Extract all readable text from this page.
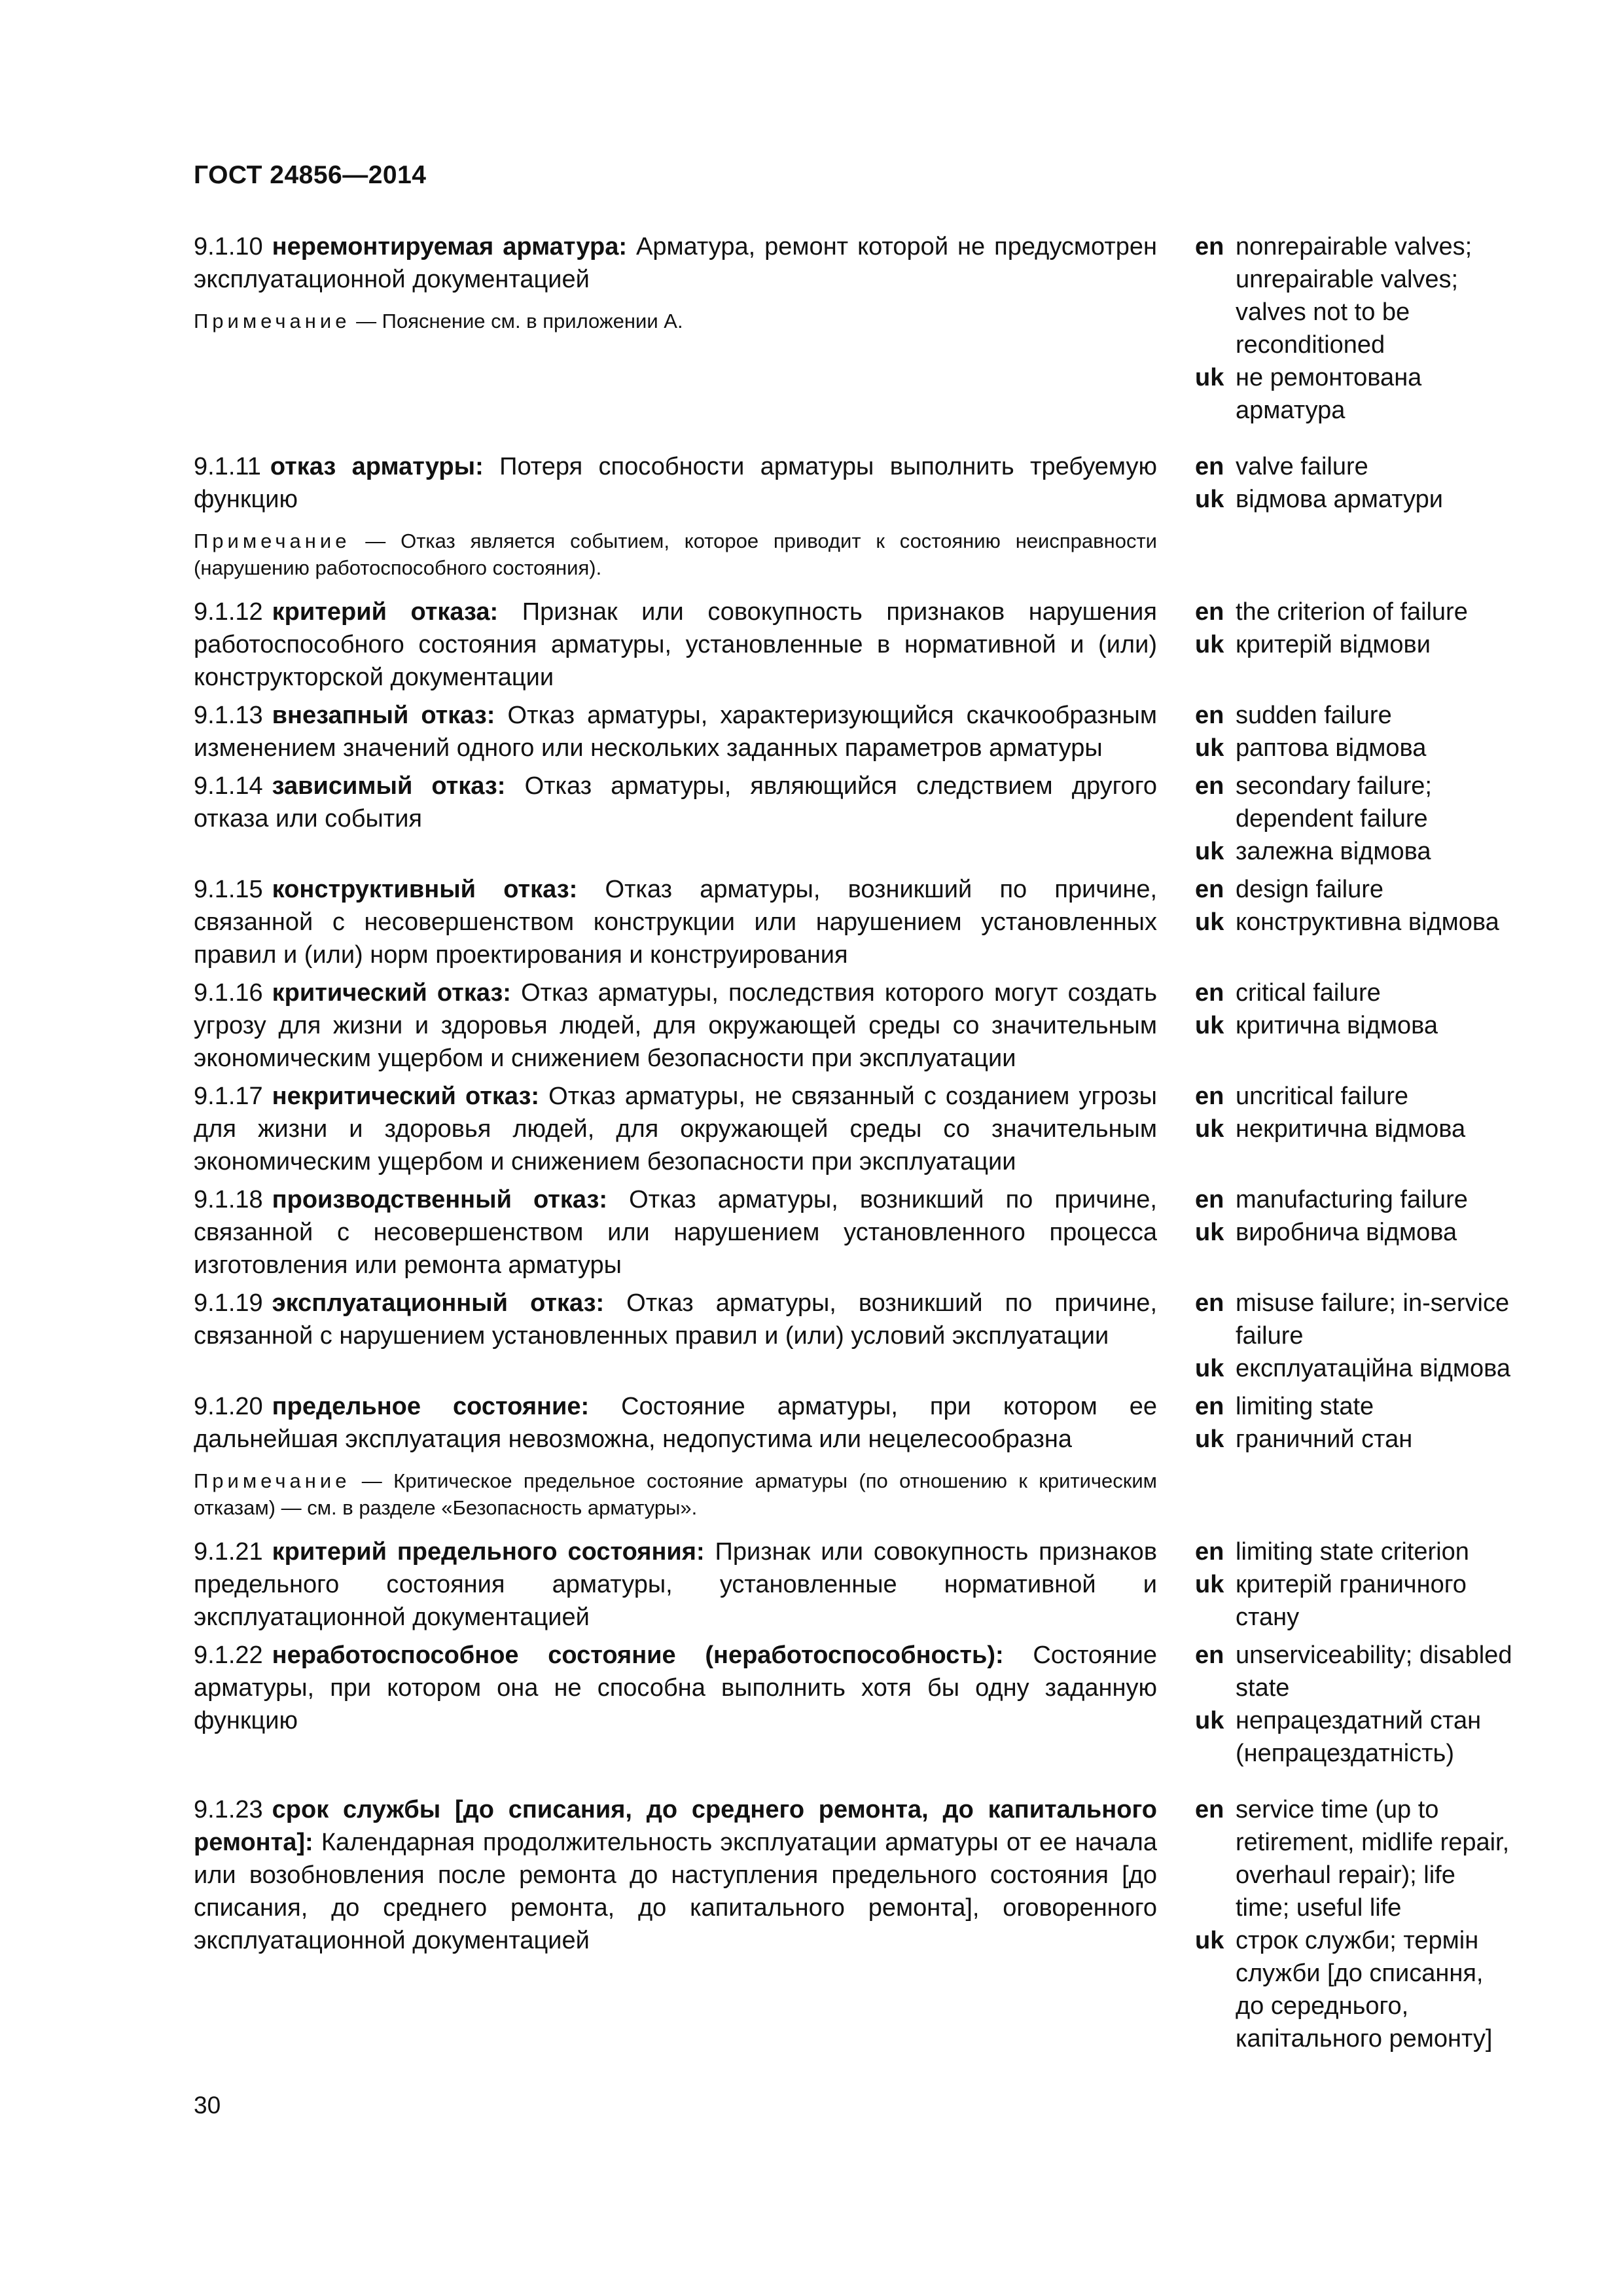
ГОСТ 24856—2014

9.1.10 неремонтируемая арматура: Арматура, ремонт которой не предусмотрен эксплуатационной документацией

Примечание — Пояснение см. в приложении А.

en nonrepairable valves; unrepairable valves; valves not to be reconditioned
uk не ремонтована арматура

9.1.11 отказ арматуры: Потеря способности арматуры выполнить требуемую функцию

Примечание — Отказ является событием, которое приводит к состоянию неисправности (нарушению работоспособного состояния).

en valve failure
uk відмова арматури

9.1.12 критерий отказа: Признак или совокупность признаков нарушения работоспособного состояния арматуры, установленные в нормативной и (или) конструкторской документации

en the criterion of failure
uk критерій відмови

9.1.13 внезапный отказ: Отказ арматуры, характеризующийся скачкообразным изменением значений одного или нескольких заданных параметров арматуры

en sudden failure
uk раптова відмова

9.1.14 зависимый отказ: Отказ арматуры, являющийся следствием другого отказа или события

en secondary failure; dependent failure
uk залежна відмова

9.1.15 конструктивный отказ: Отказ арматуры, возникший по причине, связанной с несовершенством конструкции или нарушением установленных правил и (или) норм проектирования и конструирования

en design failure
uk конструктивна відмова

9.1.16 критический отказ: Отказ арматуры, последствия которого могут создать угрозу для жизни и здоровья людей, для окружающей среды со значительным экономическим ущербом и снижением безопасности при эксплуатации

en critical failure
uk критична відмова

9.1.17 некритический отказ: Отказ арматуры, не связанный с созданием угрозы для жизни и здоровья людей, для окружающей среды со значительным экономическим ущербом и снижением безопасности при эксплуатации

en uncritical failure
uk некритична відмова

9.1.18 производственный отказ: Отказ арматуры, возникший по причине, связанной с несовершенством или нарушением установленного процесса изготовления или ремонта арматуры

en manufacturing failure
uk виробнича відмова

9.1.19 эксплуатационный отказ: Отказ арматуры, возникший по причине, связанной с нарушением установленных правил и (или) условий эксплуатации

en misuse failure; in-service failure
uk експлуатаційна відмова

9.1.20 предельное состояние: Состояние арматуры, при котором ее дальнейшая эксплуатация невозможна, недопустима или нецелесообразна

Примечание — Критическое предельное состояние арматуры (по отношению к критическим отказам) — см. в разделе «Безопасность арматуры».

en limiting state
uk граничний стан

9.1.21 критерий предельного состояния: Признак или совокупность признаков предельного состояния арматуры, установленные нормативной и эксплуатационной документацией

en limiting state criterion
uk критерій граничного стану

9.1.22 неработоспособное состояние (неработоспособность): Состояние арматуры, при котором она не способна выполнить хотя бы одну заданную функцию

en unserviceability; disabled state
uk непрацездатний стан (непрацездатність)

9.1.23 срок службы [до списания, до среднего ремонта, до капитального ремонта]: Календарная продолжительность эксплуатации арматуры от ее начала или возобновления после ремонта до наступления предельного состояния [до списания, до среднего ремонта, до капитального ремонта], оговоренного эксплуатационной документацией

en service time (up to retirement, midlife repair, overhaul repair); life time; useful life
uk строк служби; термін служби [до списання, до середнього, капітального ремонту]
30
